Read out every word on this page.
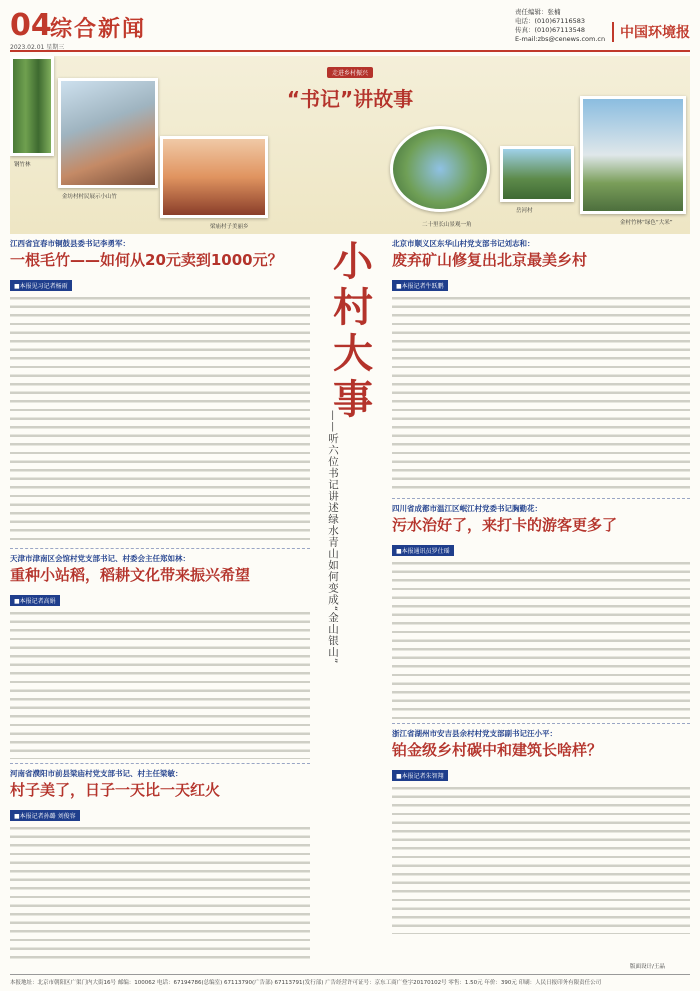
04
综合新闻
2023.02.01 星期三
责任编辑：张楠
电话：(010)67116583
传真：(010)67113548
E-mail:zbs@cenews.com.cn	中国环境报
钢竹林
金坊村村民展示小山竹
梁庙村子美丽乡
走进乡村振兴
“书记”讲故事
二十里长山景观一角
岳河村
金村竹林“绿色“大米”
江西省宜春市铜鼓县委书记李勇军：
一根毛竹——如何从20元卖到1000元？
■本报见习记者杨雨
天津市津南区会馆村党支部书记、村委会主任郑如林：
重种小站稻，稻耕文化带来振兴希望
■本报记者高娟
河南省濮阳市前县梁庙村党支部书记、村主任梁敏：
村子美了，日子一天比一天红火
■本报记者孙璐 刘俊容
小村大事
——听六位书记讲述绿水青山如何变成“金山银山”
北京市顺义区东华山村党支部书记刘志和：
废弃矿山修复出北京最美乡村
■本报记者牛跃鹏
四川省成都市温江区岷江村党委书记胸勤花：
污水治好了，来打卡的游客更多了
■本报通讯员罗仕瑶
浙江省湖州市安吉县余村村党支部副书记汪小平：
铂金级乡村碳中和建筑长啥样？
■本报记者朱智翔
版面设计/王晶
本报地址：北京市朝阳区广渠门内大街16号 邮编：100062 电话：67194786(总编室) 67113790(广告部) 67113791(发行部) 广告经营许可证号：京东工商广登字20170102号 零售：1.50元 年价：390元 印刷：人民日报印务有限责任公司
